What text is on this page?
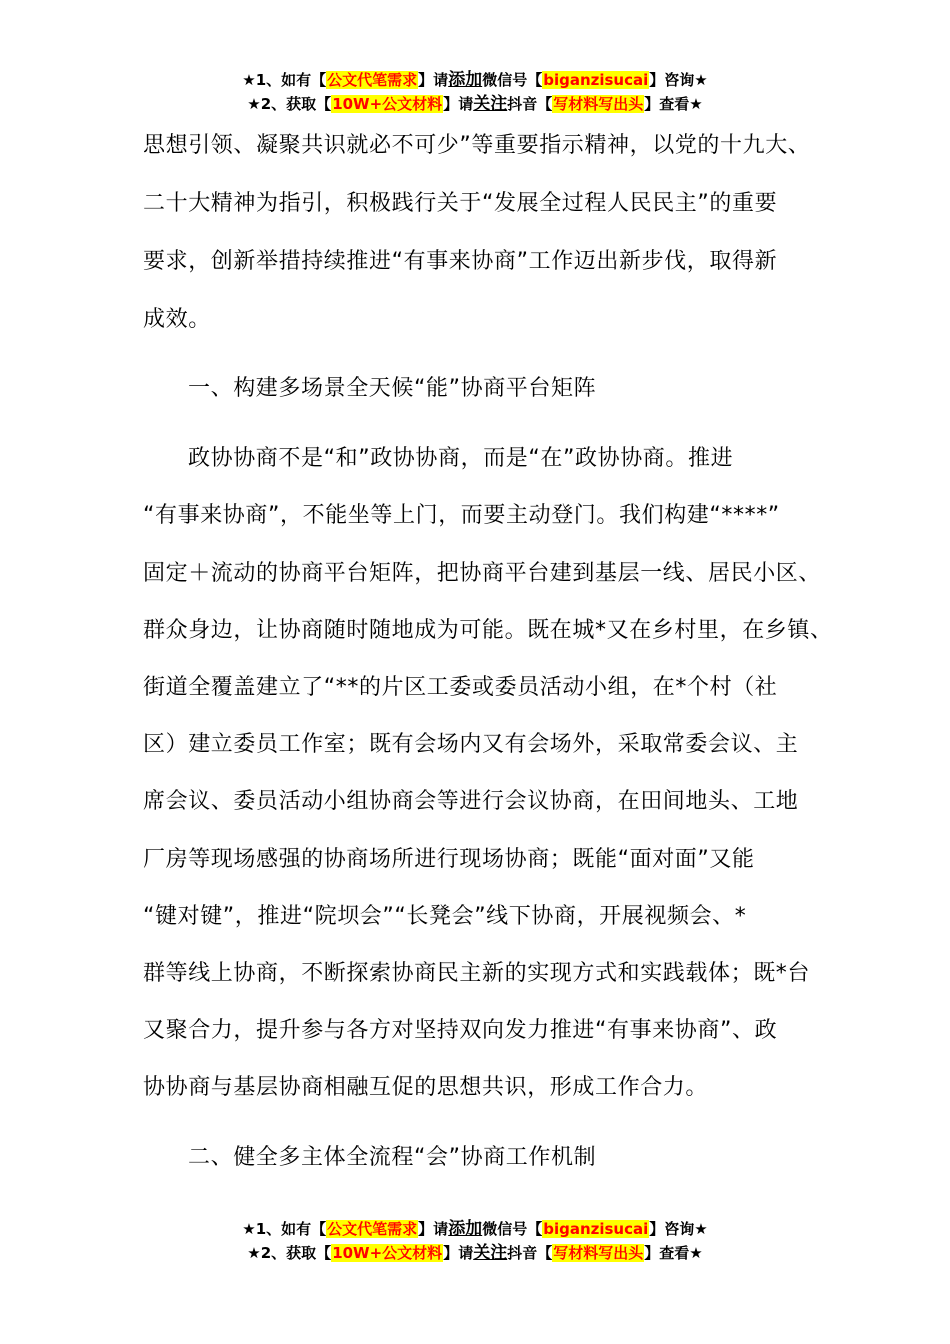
★1、如有【公文代笔需求】请添加微信号【biganzisucai】咨询★
★2、获取【10W+公文材料】请关注抖音【写材料写出头】查看★
思想引领、凝聚共识就必不可少”等重要指示精神，以党的十九大、
二十大精神为指引，积极践行关于“发展全过程人民民主”的重要
要求，创新举措持续推进“有事来协商”工作迈出新步伐，取得新
成效。
一、构建多场景全天候“能”协商平台矩阵
政协协商不是“和”政协协商，而是“在”政协协商。推进
“有事来协商”，不能坐等上门，而要主动登门。我们构建“****”
固定＋流动的协商平台矩阵，把协商平台建到基层一线、居民小区、
群众身边，让协商随时随地成为可能。既在城*又在乡村里，在乡镇、
街道全覆盖建立了“**的片区工委或委员活动小组，在*个村（社
区）建立委员工作室；既有会场内又有会场外，采取常委会议、主
席会议、委员活动小组协商会等进行会议协商，在田间地头、工地
厂房等现场感强的协商场所进行现场协商；既能“面对面”又能
“键对键”，推进“院坝会”“长凳会”线下协商，开展视频会、*
群等线上协商，不断探索协商民主新的实现方式和实践载体；既*台
又聚合力，提升参与各方对坚持双向发力推进“有事来协商”、政
协协商与基层协商相融互促的思想共识，形成工作合力。
二、健全多主体全流程“会”协商工作机制
★1、如有【公文代笔需求】请添加微信号【biganzisucai】咨询★
★2、获取【10W+公文材料】请关注抖音【写材料写出头】查看★
